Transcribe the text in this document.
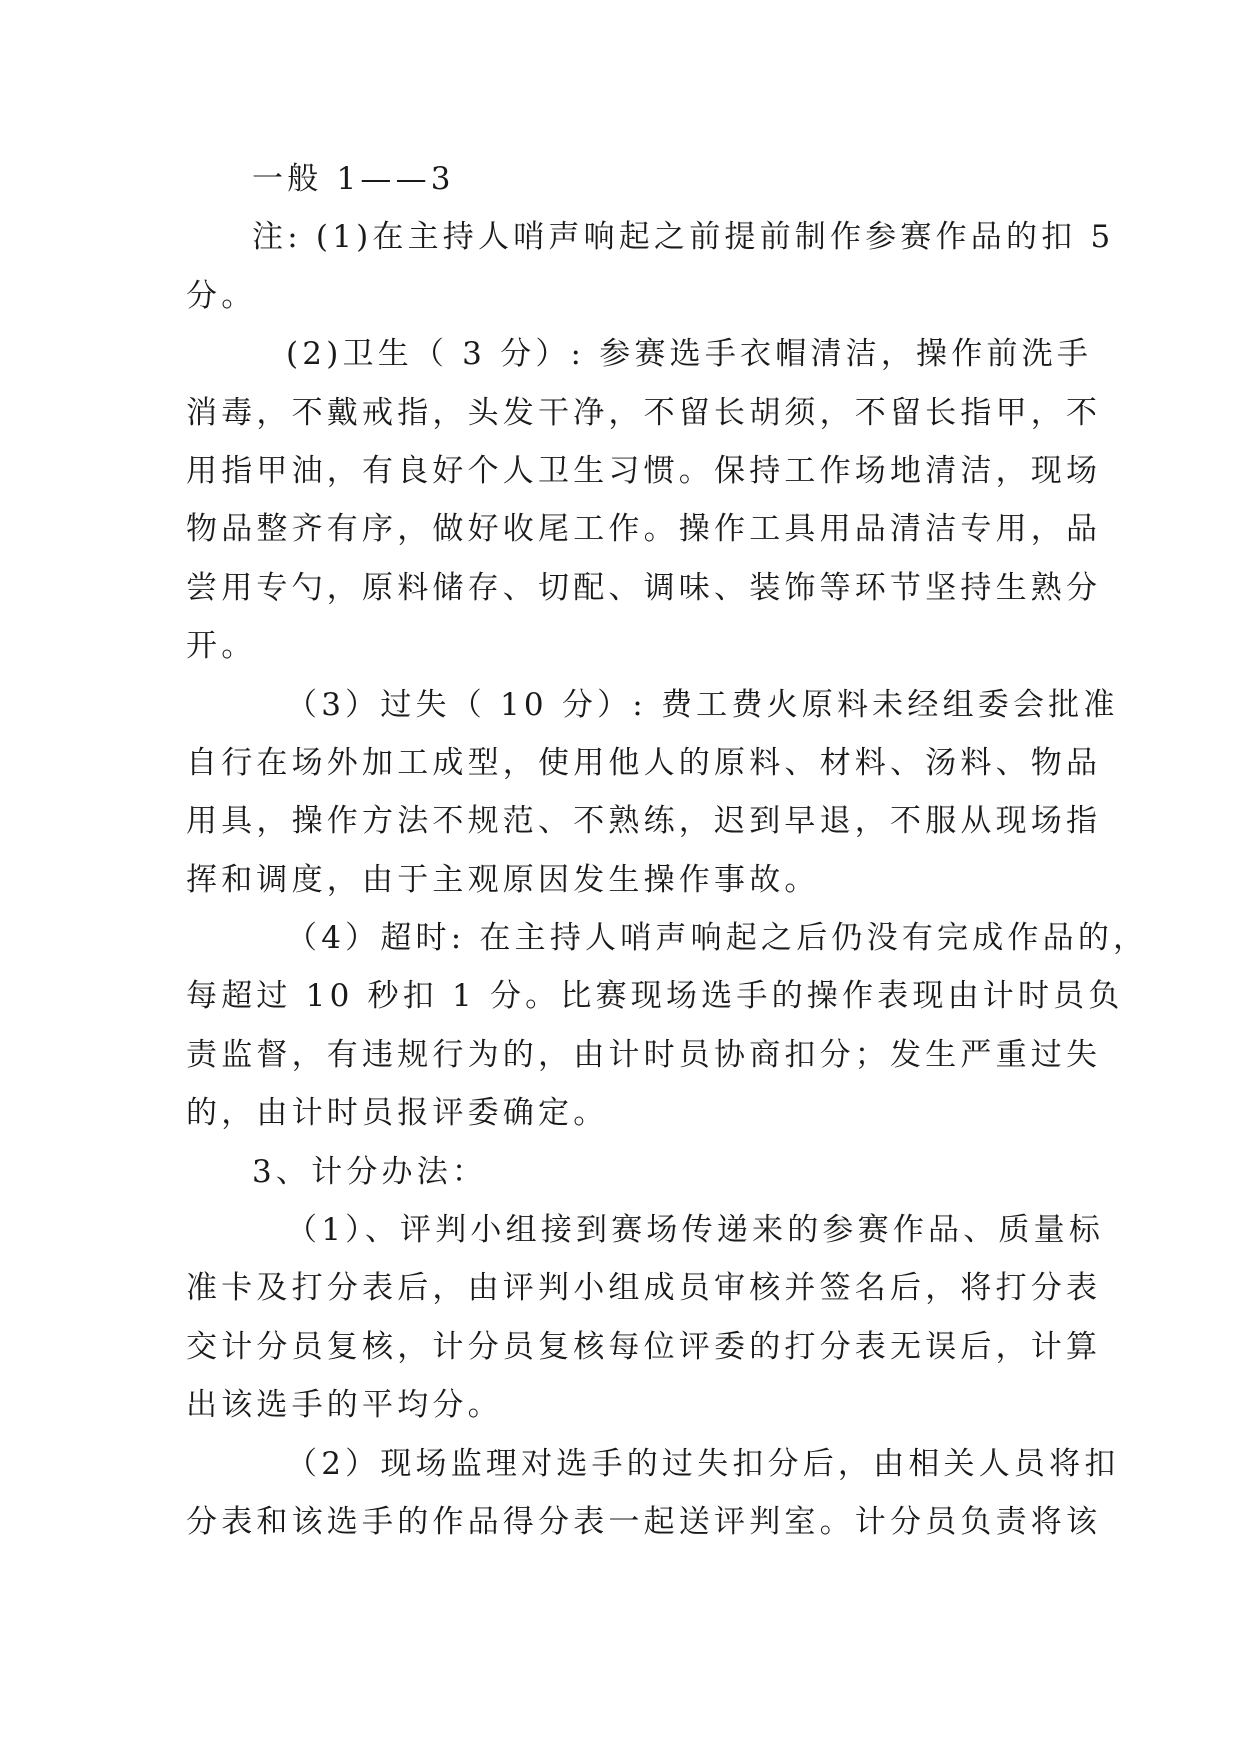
一般 1——3
注: (1)在主持人哨声响起之前提前制作参赛作品的扣 5
分。
(2)卫生（ 3 分）: 参赛选手衣帽清洁，操作前洗手
消毒，不戴戒指，头发干净，不留长胡须，不留长指甲，不
用指甲油，有良好个人卫生习惯。保持工作场地清洁，现场
物品整齐有序，做好收尾工作。操作工具用品清洁专用，品
尝用专勺，原料储存、切配、调味、装饰等环节坚持生熟分
开。
（3）过失（ 10 分）: 费工费火原料未经组委会批准
自行在场外加工成型，使用他人的原料、材料、汤料、物品
用具，操作方法不规范、不熟练，迟到早退，不服从现场指
挥和调度，由于主观原因发生操作事故。
（4）超时: 在主持人哨声响起之后仍没有完成作品的，
每超过 10 秒扣 1 分。比赛现场选手的操作表现由计时员负
责监督，有违规行为的，由计时员协商扣分；发生严重过失
的，由计时员报评委确定。
3、计分办法：
（1）、评判小组接到赛场传递来的参赛作品、质量标
准卡及打分表后，由评判小组成员审核并签名后，将打分表
交计分员复核，计分员复核每位评委的打分表无误后，计算
出该选手的平均分。
（2）现场监理对选手的过失扣分后，由相关人员将扣
分表和该选手的作品得分表一起送评判室。计分员负责将该
